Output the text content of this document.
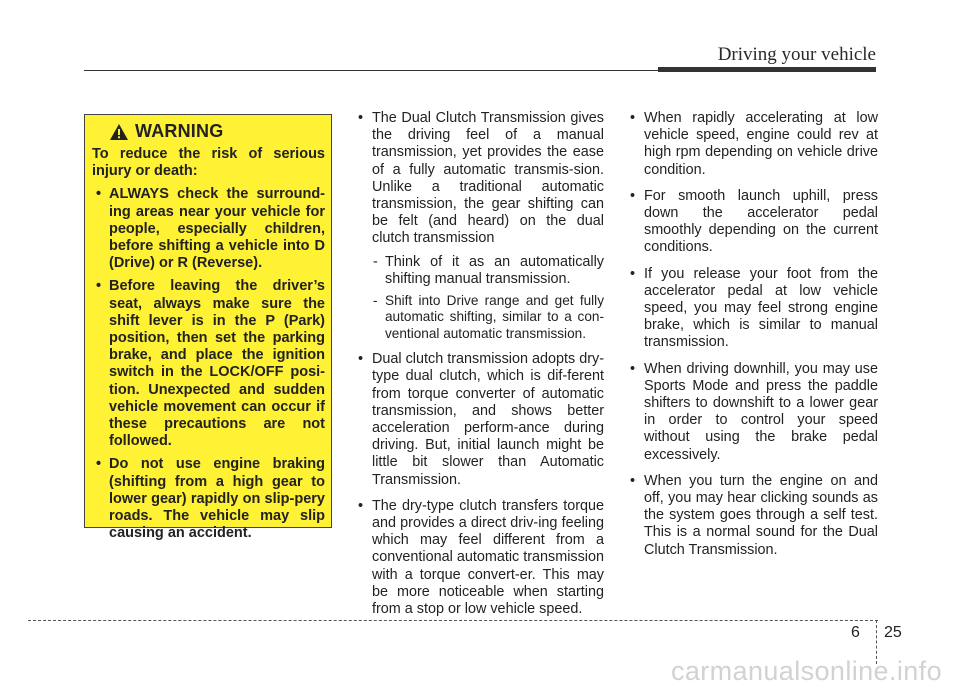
Driving your vehicle
WARNING
To reduce the risk of serious injury or death:
• ALWAYS check the surround-ing areas near your vehicle for people, especially children, before shifting a vehicle into D (Drive) or R (Reverse).
• Before leaving the driver’s seat, always make sure the shift lever is in the P (Park) position, then set the parking brake, and place the ignition switch in the LOCK/OFF posi-tion. Unexpected and sudden vehicle movement can occur if these precautions are not followed.
• Do not use engine braking (shifting from a high gear to lower gear) rapidly on slip-pery roads. The vehicle may slip causing an accident.
• The Dual Clutch Transmission gives the driving feel of a manual transmission, yet provides the ease of a fully automatic transmis-sion. Unlike a traditional automatic transmission, the gear shifting can be felt (and heard) on the dual clutch transmission
- Think of it as an automatically shifting manual transmission.
- Shift into Drive range and get fully automatic shifting, similar to a con-ventional automatic transmission.
• Dual clutch transmission adopts dry-type dual clutch, which is dif-ferent from torque converter of automatic transmission, and shows better acceleration perform-ance during driving. But, initial launch might be little bit slower than Automatic Transmission.
• The dry-type clutch transfers torque and provides a direct driv-ing feeling which may feel different from a conventional automatic transmission with a torque convert-er. This may be more noticeable when starting from a stop or low vehicle speed.
• When rapidly accelerating at low vehicle speed, engine could rev at high rpm depending on vehicle drive condition.
• For smooth launch uphill, press down the accelerator pedal smoothly depending on the current conditions.
• If you release your foot from the accelerator pedal at low vehicle speed, you may feel strong engine brake, which is similar to manual transmission.
• When driving downhill, you may use Sports Mode and press the paddle shifters to downshift to a lower gear in order to control your speed without using the brake pedal excessively.
• When you turn the engine on and off, you may hear clicking sounds as the system goes through a self test. This is a normal sound for the Dual Clutch Transmission.
6 25
carmanualsonline.info
